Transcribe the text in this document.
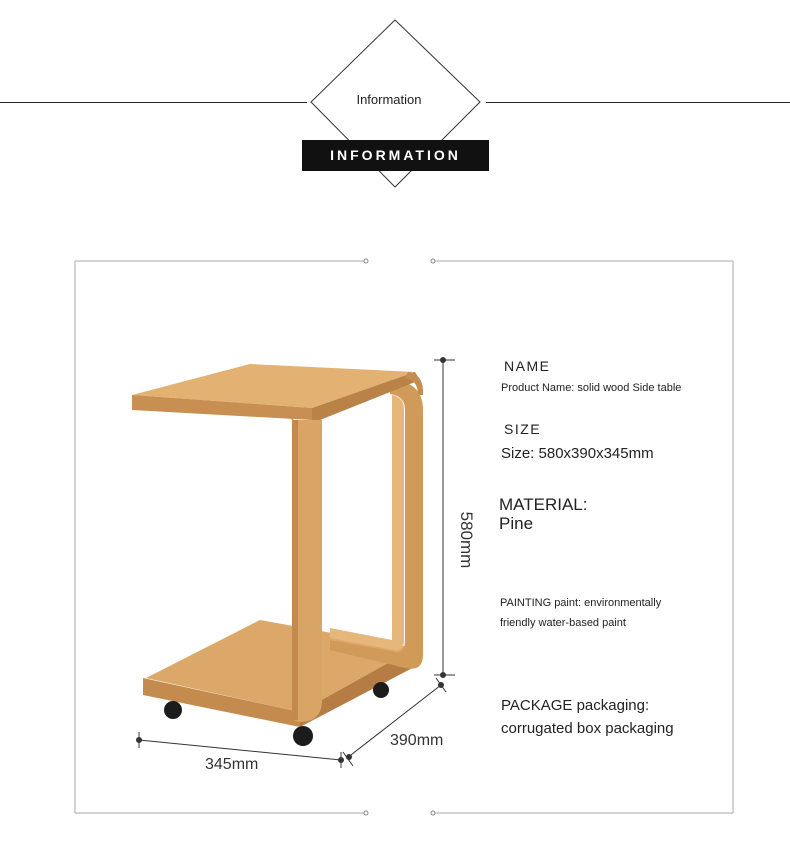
Information
INFORMATION
580mm
390mm
345mm
NAME
Product Name: solid wood Side table
SIZE
Size: 580x390x345mm
MATERIAL:
Pine
PAINTING paint: environmentally
friendly water-based paint
PACKAGE packaging:
corrugated box packaging
